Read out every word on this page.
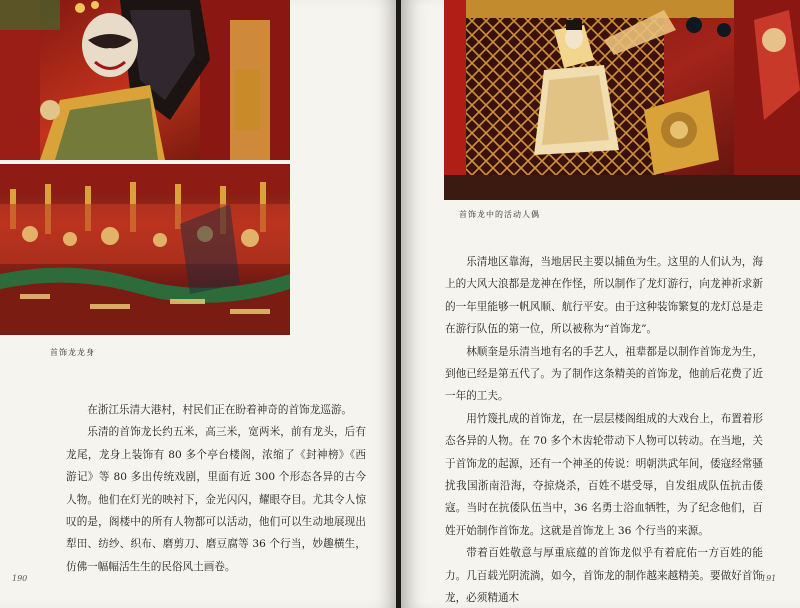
首饰龙龙身

在浙江乐清大港村，村民们正在盼着神奇的首饰龙巡游。

乐清的首饰龙长约五米，高三米，宽两米，前有龙头，后有龙尾，龙身上装饰有 80 多个亭台楼阁，浓缩了《封神榜》《西游记》等 80 多出传统戏剧，里面有近 300 个形态各异的古今人物。他们在灯光的映衬下，金光闪闪，耀眼夺目。尤其令人惊叹的是，阁楼中的所有人物都可以活动，他们可以生动地展现出犁田、纺纱、织布、磨剪刀、磨豆腐等 36 个行当，妙趣横生，仿佛一幅幅活生生的民俗风土画卷。

190
首饰龙中的活动人偶

乐清地区靠海，当地居民主要以捕鱼为生。这里的人们认为，海上的大风大浪都是龙神在作怪，所以制作了龙灯游行，向龙神祈求新的一年里能够一帆风顺、航行平安。由于这种装饰繁复的龙灯总是走在游行队伍的第一位，所以被称为“首饰龙”。

林顺奎是乐清当地有名的手艺人，祖辈都是以制作首饰龙为生，到他已经是第五代了。为了制作这条精美的首饰龙，他前后花费了近一年的工夫。

用竹篾扎成的首饰龙，在一层层楼阁组成的大戏台上，布置着形态各异的人物。在 70 多个木齿轮带动下人物可以转动。在当地，关于首饰龙的起源，还有一个神圣的传说：明朝洪武年间，倭寇经常骚扰我国浙南沿海，夺掠烧杀，百姓不堪受辱，自发组成队伍抗击倭寇。当时在抗倭队伍当中，36 名勇士浴血牺牲，为了纪念他们，百姓开始制作首饰龙。这就是首饰龙上 36 个行当的来源。

带着百姓敬意与厚重底蕴的首饰龙似乎有着庇佑一方百姓的能力。几百载光阴流淌，如今，首饰龙的制作越来越精美。要做好首饰龙，必须精通木

191
